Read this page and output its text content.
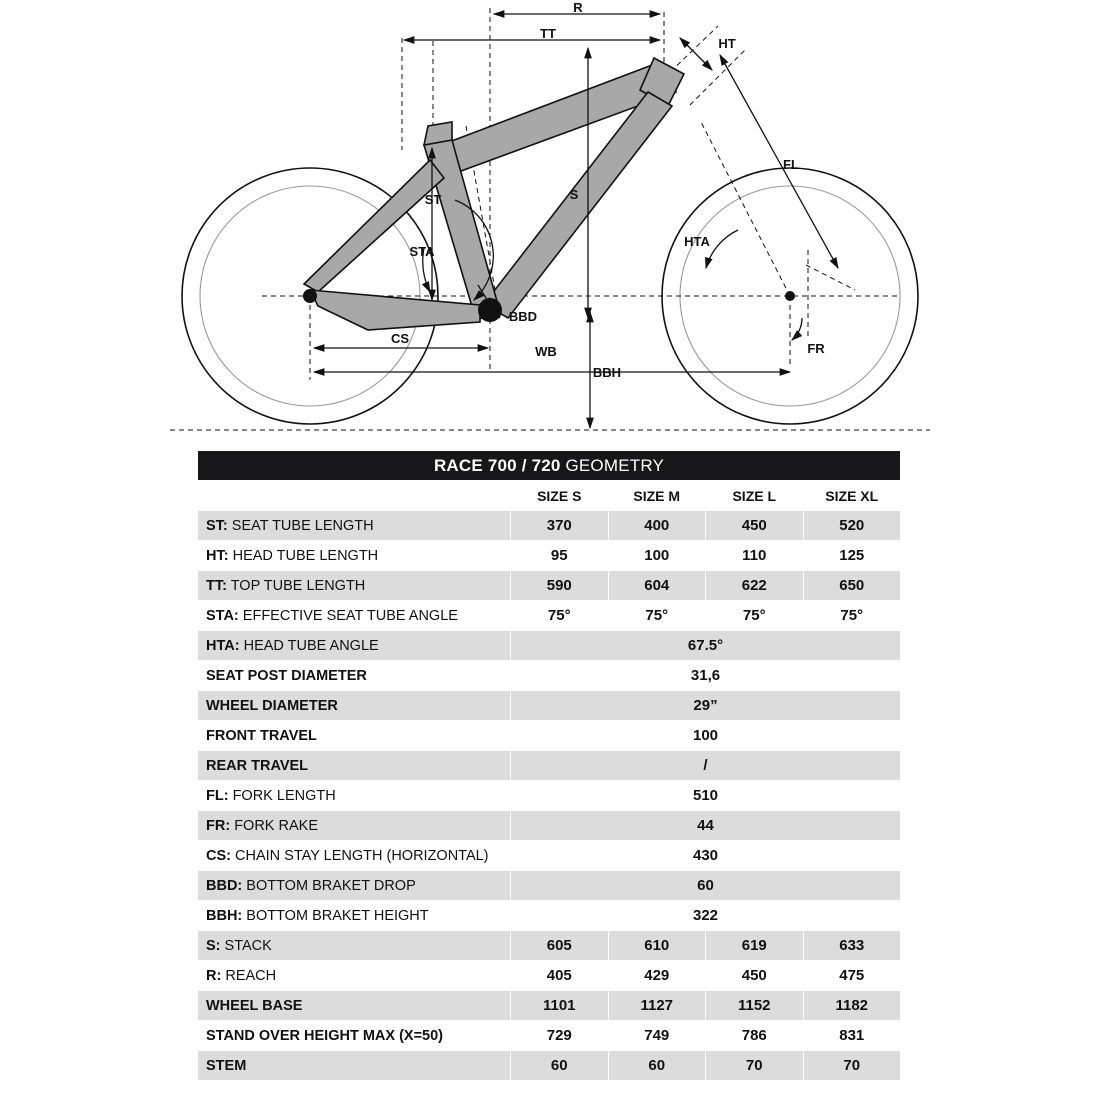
R
TT
HT
ST	S
STA
FL
HTA
BBD
CS
WB
BBH
FR
RACE 700 / 720 GEOMETRY				
	SIZE S	SIZE M	SIZE L	SIZE XL
ST: SEAT TUBE LENGTH	370	400	450	520
HT: HEAD TUBE LENGTH	95	100	110	125
TT: TOP TUBE LENGTH	590	604	622	650
STA: EFFECTIVE SEAT TUBE ANGLE	75°	75°	75°	75°
HTA: HEAD TUBE ANGLE	67.5°			
SEAT POST DIAMETER	31,6			
WHEEL DIAMETER	29”			
FRONT TRAVEL	100			
REAR TRAVEL	/			
FL: FORK LENGTH	510			
FR: FORK RAKE	44			
CS: CHAIN STAY LENGTH (HORIZONTAL)	430			
BBD: BOTTOM BRAKET DROP	60			
BBH: BOTTOM BRAKET HEIGHT	322			
S: STACK	605	610	619	633
R: REACH	405	429	450	475
WHEEL BASE	1101	1127	1152	1182
STAND OVER HEIGHT MAX (X=50)	729	749	786	831
STEM	60	60	70	70
